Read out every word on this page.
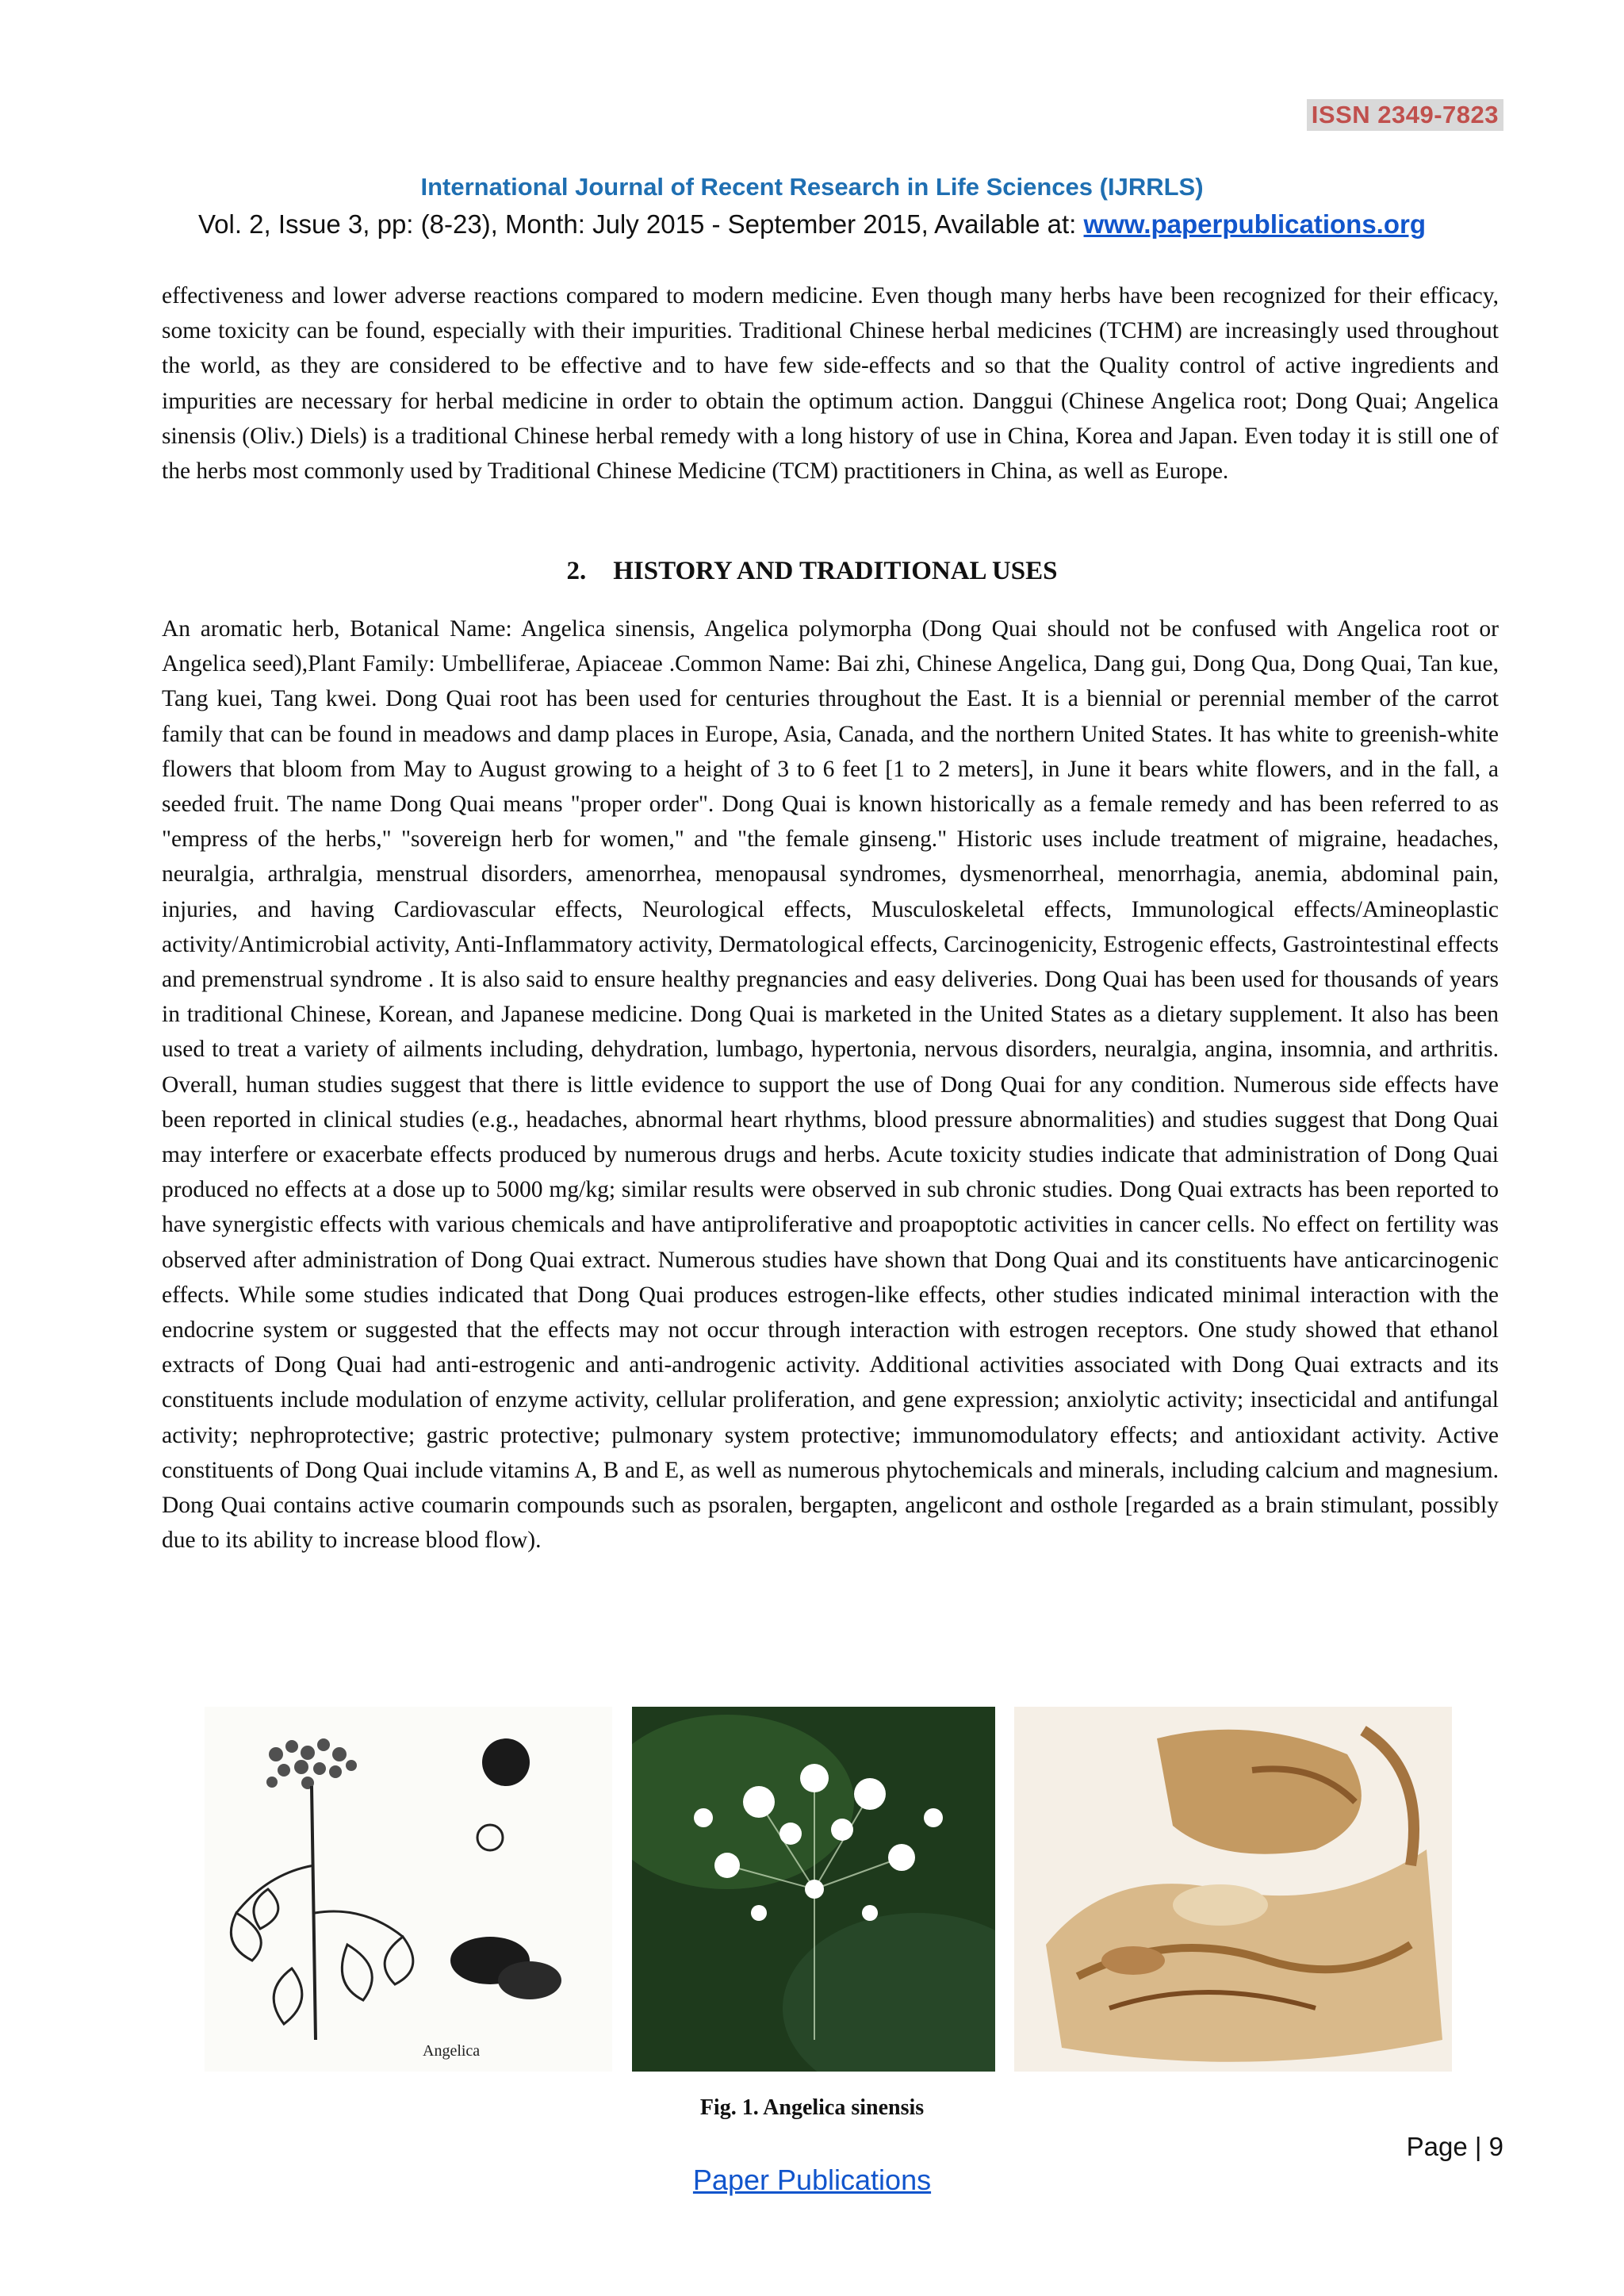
ISSN 2349-7823
International Journal of Recent Research in Life Sciences (IJRRLS)
Vol. 2, Issue 3, pp: (8-23), Month: July 2015 - September 2015, Available at: www.paperpublications.org

effectiveness and lower adverse reactions compared to modern medicine. Even though many herbs have been recognized for their efficacy, some toxicity can be found, especially with their impurities. Traditional Chinese herbal medicines (TCHM) are increasingly used throughout the world, as they are considered to be effective and to have few side-effects and so that the Quality control of active ingredients and impurities are necessary for herbal medicine in order to obtain the optimum action. Danggui (Chinese Angelica root; Dong Quai; Angelica sinensis (Oliv.) Diels) is a traditional Chinese herbal remedy with a long history of use in China, Korea and Japan. Even today it is still one of the herbs most commonly used by Traditional Chinese Medicine (TCM) practitioners in China, as well as Europe.

2. HISTORY AND TRADITIONAL USES

An aromatic herb, Botanical Name: Angelica sinensis, Angelica polymorpha (Dong Quai should not be confused with Angelica root or Angelica seed),Plant Family: Umbelliferae, Apiaceae .Common Name: Bai zhi, Chinese Angelica, Dang gui, Dong Qua, Dong Quai, Tan kue, Tang kuei, Tang kwei. Dong Quai root has been used for centuries throughout the East. It is a biennial or perennial member of the carrot family that can be found in meadows and damp places in Europe, Asia, Canada, and the northern United States. It has white to greenish-white flowers that bloom from May to August growing to a height of 3 to 6 feet [1 to 2 meters], in June it bears white flowers, and in the fall, a seeded fruit. The name Dong Quai means "proper order". Dong Quai is known historically as a female remedy and has been referred to as "empress of the herbs," "sovereign herb for women," and "the female ginseng." Historic uses include treatment of migraine, headaches, neuralgia, arthralgia, menstrual disorders, amenorrhea, menopausal syndromes, dysmenorrheal, menorrhagia, anemia, abdominal pain, injuries, and having Cardiovascular effects, Neurological effects, Musculoskeletal effects, Immunological effects/Amineoplastic activity/Antimicrobial activity, Anti-Inflammatory activity, Dermatological effects, Carcinogenicity, Estrogenic effects, Gastrointestinal effects and premenstrual syndrome . It is also said to ensure healthy pregnancies and easy deliveries. Dong Quai has been used for thousands of years in traditional Chinese, Korean, and Japanese medicine. Dong Quai is marketed in the United States as a dietary supplement. It also has been used to treat a variety of ailments including, dehydration, lumbago, hypertonia, nervous disorders, neuralgia, angina, insomnia, and arthritis. Overall, human studies suggest that there is little evidence to support the use of Dong Quai for any condition. Numerous side effects have been reported in clinical studies (e.g., headaches, abnormal heart rhythms, blood pressure abnormalities) and studies suggest that Dong Quai may interfere or exacerbate effects produced by numerous drugs and herbs. Acute toxicity studies indicate that administration of Dong Quai produced no effects at a dose up to 5000 mg/kg; similar results were observed in sub chronic studies. Dong Quai extracts has been reported to have synergistic effects with various chemicals and have antiproliferative and proapoptotic activities in cancer cells. No effect on fertility was observed after administration of Dong Quai extract. Numerous studies have shown that Dong Quai and its constituents have anticarcinogenic effects. While some studies indicated that Dong Quai produces estrogen-like effects, other studies indicated minimal interaction with the endocrine system or suggested that the effects may not occur through interaction with estrogen receptors. One study showed that ethanol extracts of Dong Quai had anti-estrogenic and anti-androgenic activity. Additional activities associated with Dong Quai extracts and its constituents include modulation of enzyme activity, cellular proliferation, and gene expression; anxiolytic activity; insecticidal and antifungal activity; nephroprotective; gastric protective; pulmonary system protective; immunomodulatory effects; and antioxidant activity. Active constituents of Dong Quai include vitamins A, B and E, as well as numerous phytochemicals and minerals, including calcium and magnesium. Dong Quai contains active coumarin compounds such as psoralen, bergapten, angelicont and osthole [regarded as a brain stimulant, possibly due to its ability to increase blood flow).

Angelica
Fig. 1. Angelica sinensis
Page | 9
Paper Publications
